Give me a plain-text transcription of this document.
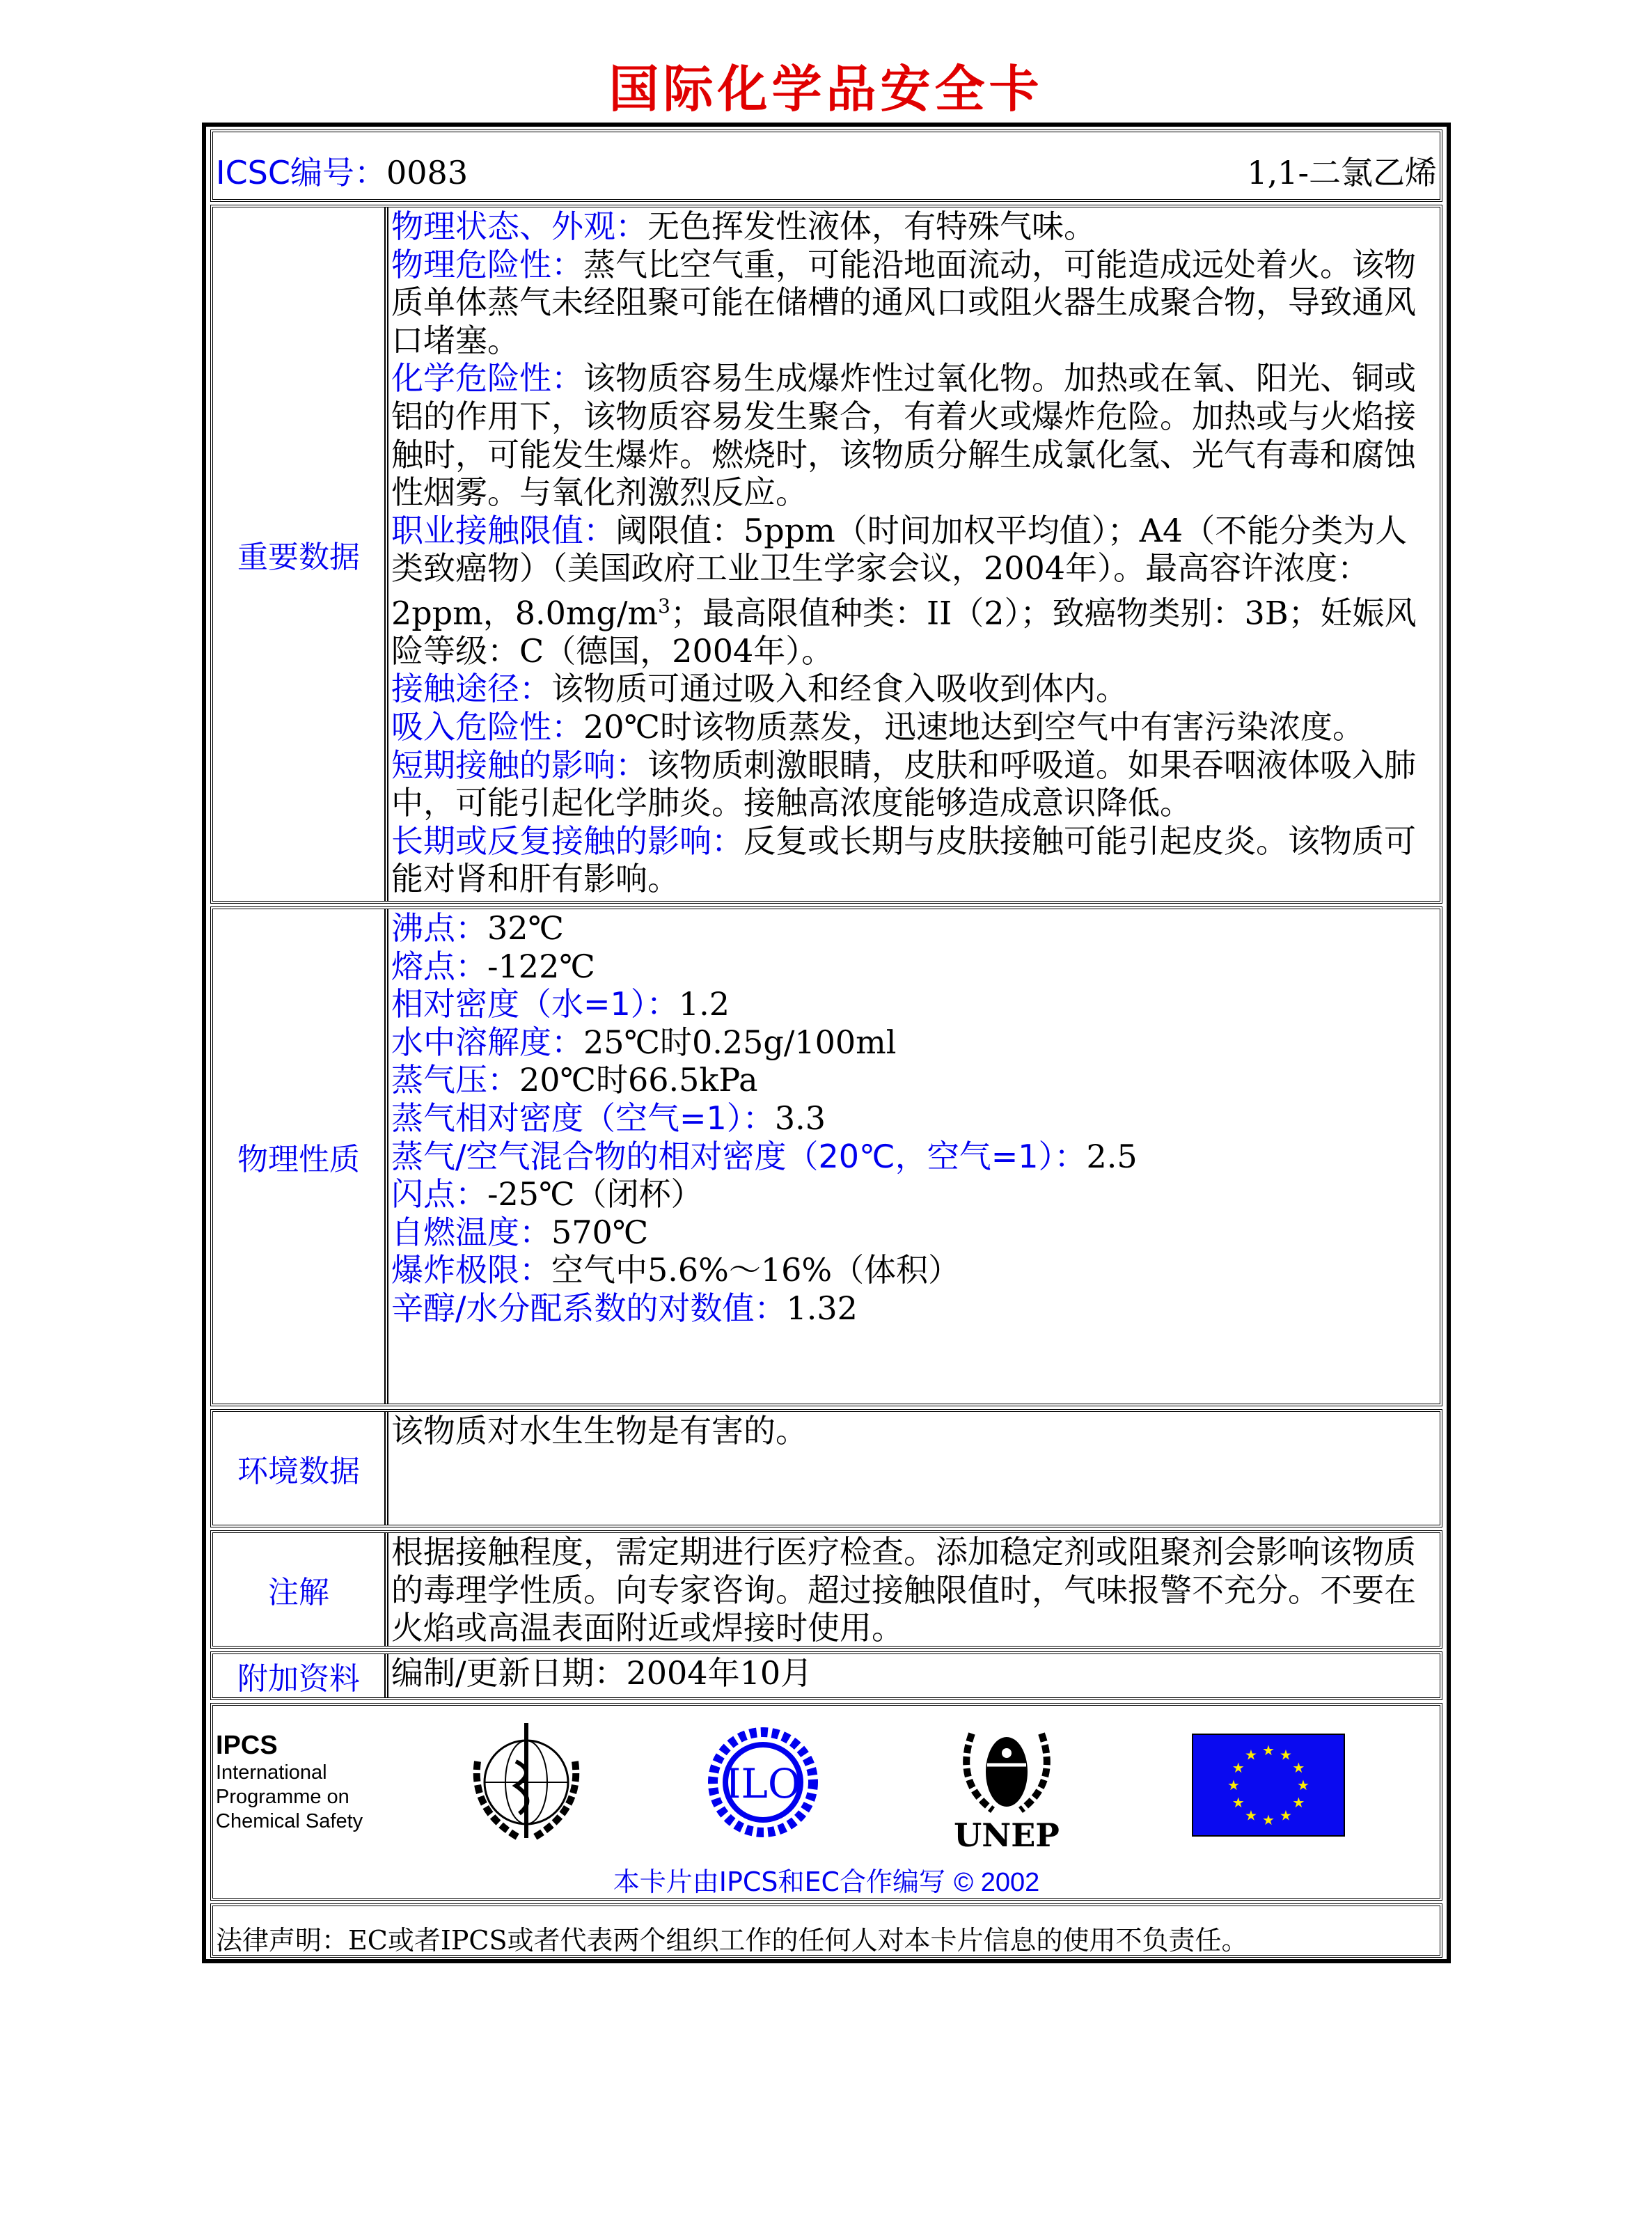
国际化学品安全卡
ICSC编号：0083	1,1-二氯乙烯
重要数据
物理状态、外观：无色挥发性液体，有特殊气味。
物理危险性：蒸气比空气重，可能沿地面流动，可能造成远处着火。该物质单体蒸气未经阻聚可能在储槽的通风口或阻火器生成聚合物，导致通风口堵塞。
化学危险性：该物质容易生成爆炸性过氧化物。加热或在氧、阳光、铜或铝的作用下，该物质容易发生聚合，有着火或爆炸危险。加热或与火焰接触时，可能发生爆炸。燃烧时，该物质分解生成氯化氢、光气有毒和腐蚀性烟雾。与氧化剂激烈反应。
职业接触限值：阈限值：5ppm（时间加权平均值）；A4（不能分类为人类致癌物）（美国政府工业卫生学家会议，2004年）。最高容许浓度：2ppm，$8.0mg/m^3$；最高限值种类：II（2）；致癌物类别：3B；妊娠风险等级：C（德国，2004年）。
接触途径：该物质可通过吸入和经食入吸收到体内。
吸入危险性：20℃时该物质蒸发，迅速地达到空气中有害污染浓度。
短期接触的影响：该物质刺激眼睛，皮肤和呼吸道。如果吞咽液体吸入肺中，可能引起化学肺炎。接触高浓度能够造成意识降低。
长期或反复接触的影响：反复或长期与皮肤接触可能引起皮炎。该物质可能对肾和肝有影响。
物理性质
沸点：32℃
熔点：-122℃
相对密度（水=1）：1.2
水中溶解度：25℃时0.25g/100ml
蒸气压：20℃时66.5kPa
蒸气相对密度（空气=1）：3.3
蒸气/空气混合物的相对密度（20℃，空气=1）：2.5
闪点：-25℃（闭杯）
自燃温度：570℃
爆炸极限：空气中5.6%～16%（体积）
辛醇/水分配系数的对数值：1.32
环境数据
该物质对水生生物是有害的。
注解
根据接触程度，需定期进行医疗检查。添加稳定剂或阻聚剂会影响该物质的毒理学性质。向专家咨询。超过接触限值时，气味报警不充分。不要在火焰或高温表面附近或焊接时使用。
附加资料 编制/更新日期：2004年10月
IPCS
International
Programme on
Chemical Safety
ILO
UNEP
★ ★
★
★
★
★
★
★
★
★
★
★
本卡片由IPCS和EC合作编写 © 2002
法律声明：EC或者IPCS或者代表两个组织工作的任何人对本卡片信息的使用不负责任。
